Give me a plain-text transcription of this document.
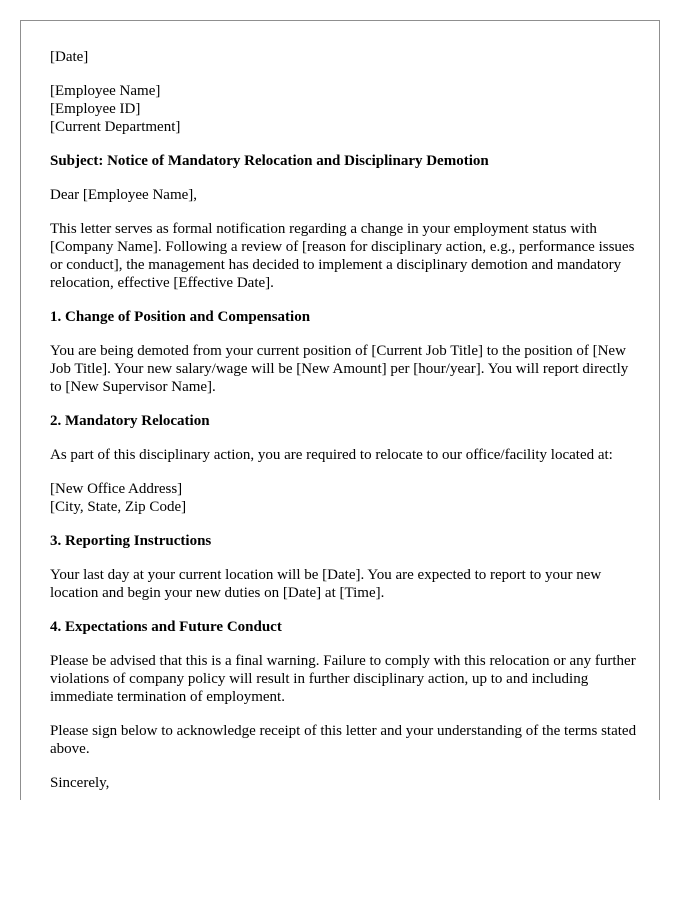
[Date]

[Employee Name]
[Employee ID]
[Current Department]

Subject: Notice of Mandatory Relocation and Disciplinary Demotion

Dear [Employee Name],

This letter serves as formal notification regarding a change in your employment status with [Company Name]. Following a review of [reason for disciplinary action, e.g., performance issues or conduct], the management has decided to implement a disciplinary demotion and mandatory relocation, effective [Effective Date].

1. Change of Position and Compensation

You are being demoted from your current position of [Current Job Title] to the position of [New Job Title]. Your new salary/wage will be [New Amount] per [hour/year]. You will report directly to [New Supervisor Name].

2. Mandatory Relocation

As part of this disciplinary action, you are required to relocate to our office/facility located at:

[New Office Address]
[City, State, Zip Code]

3. Reporting Instructions

Your last day at your current location will be [Date]. You are expected to report to your new location and begin your new duties on [Date] at [Time].

4. Expectations and Future Conduct

Please be advised that this is a final warning. Failure to comply with this relocation or any further violations of company policy will result in further disciplinary action, up to and including immediate termination of employment.

Please sign below to acknowledge receipt of this letter and your understanding of the terms stated above.

Sincerely,
